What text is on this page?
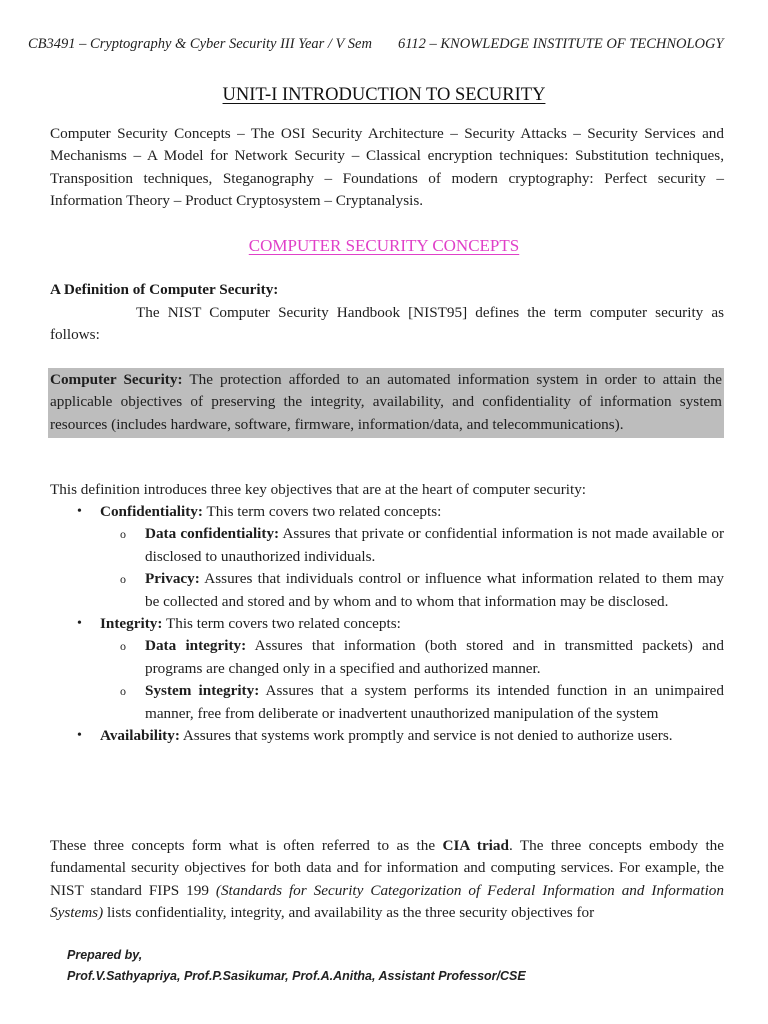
CB3491 – Cryptography & Cyber Security III Year / V Sem 6112 – KNOWLEDGE INSTITUTE OF TECHNOLOGY
UNIT-I INTRODUCTION TO SECURITY
Computer Security Concepts – The OSI Security Architecture – Security Attacks – Security Services and Mechanisms – A Model for Network Security – Classical encryption techniques: Substitution techniques, Transposition techniques, Steganography – Foundations of modern cryptography: Perfect security – Information Theory – Product Cryptosystem – Cryptanalysis.
COMPUTER SECURITY CONCEPTS
A Definition of Computer Security:
The NIST Computer Security Handbook [NIST95] defines the term computer security as follows:
Computer Security: The protection afforded to an automated information system in order to attain the applicable objectives of preserving the integrity, availability, and confidentiality of information system resources (includes hardware, software, firmware, information/data, and telecommunications).
This definition introduces three key objectives that are at the heart of computer security:
• Confidentiality: This term covers two related concepts:
o Data confidentiality: Assures that private or confidential information is not made available or disclosed to unauthorized individuals.
o Privacy: Assures that individuals control or influence what information related to them may be collected and stored and by whom and to whom that information may be disclosed.
• Integrity: This term covers two related concepts:
o Data integrity: Assures that information (both stored and in transmitted packets) and programs are changed only in a specified and authorized manner.
o System integrity: Assures that a system performs its intended function in an unimpaired manner, free from deliberate or inadvertent unauthorized manipulation of the system
• Availability: Assures that systems work promptly and service is not denied to authorize users.
These three concepts form what is often referred to as the CIA triad. The three concepts embody the fundamental security objectives for both data and for information and computing services. For example, the NIST standard FIPS 199 (Standards for Security Categorization of Federal Information and Information Systems) lists confidentiality, integrity, and availability as the three security objectives for
Prepared by,
Prof.V.Sathyapriya, Prof.P.Sasikumar, Prof.A.Anitha, Assistant Professor/CSE
